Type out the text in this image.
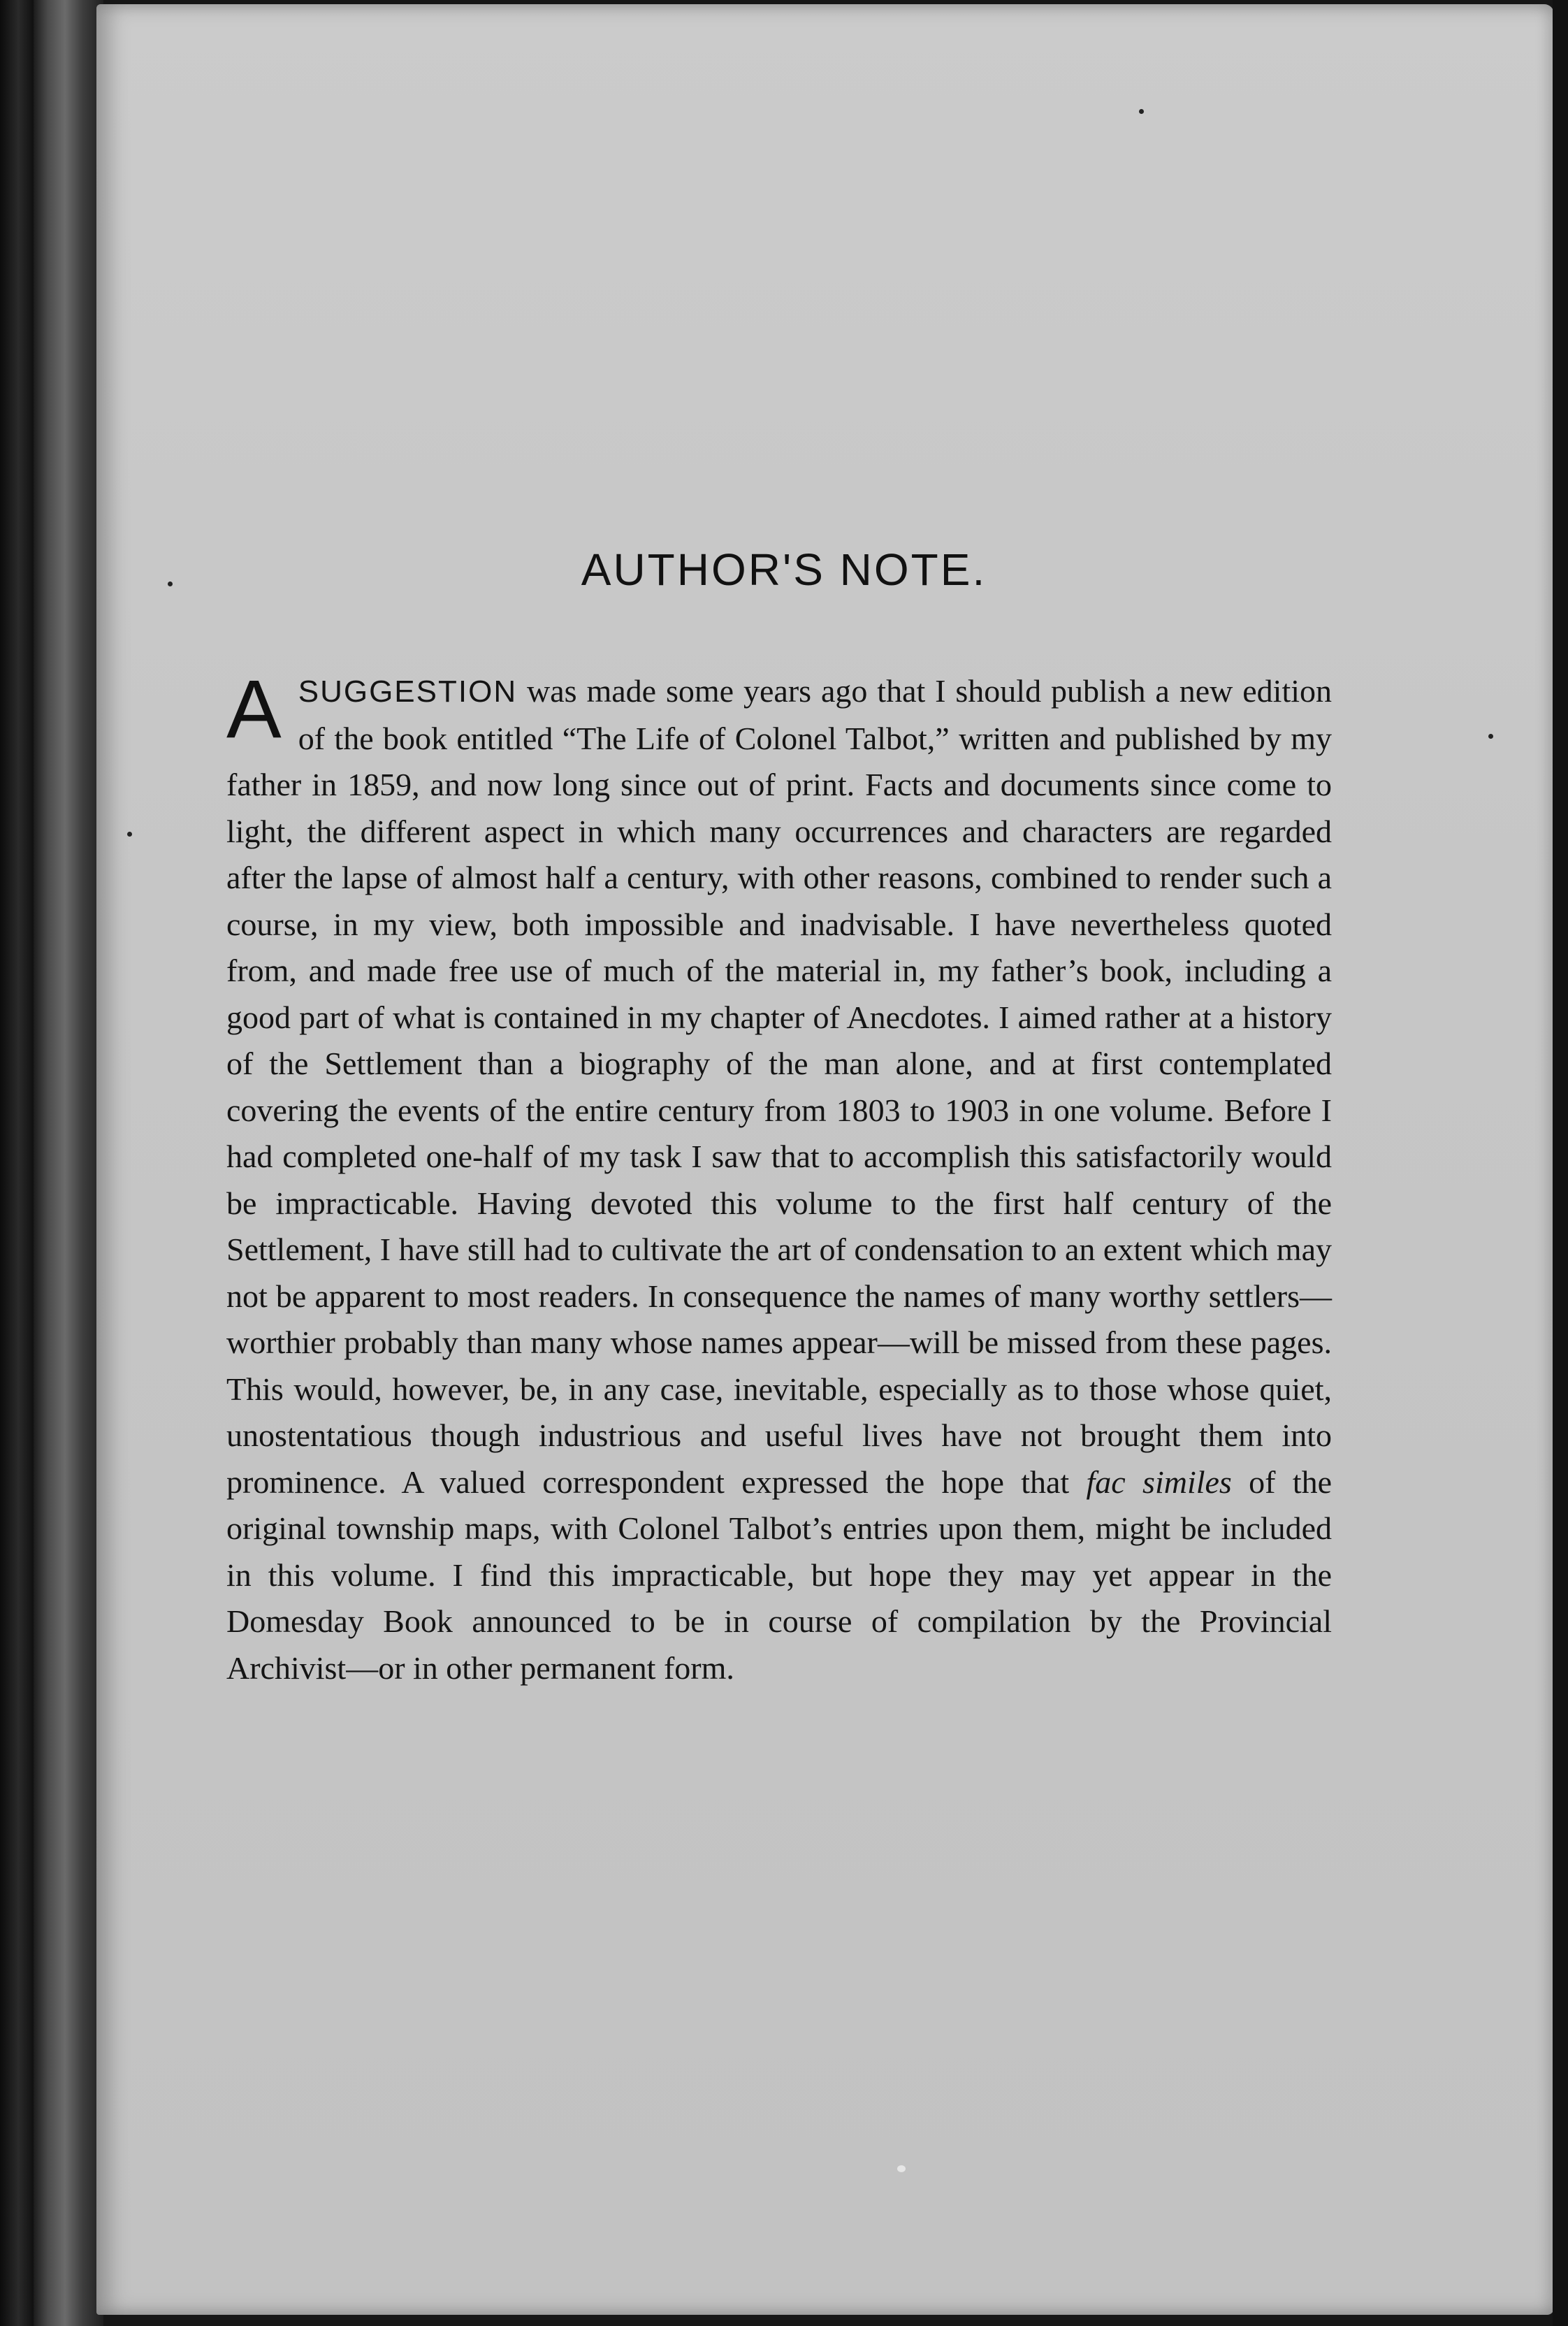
AUTHOR'S NOTE.

A SUGGESTION was made some years ago that I should publish a new edition of the book entitled “The Life of Colonel Talbot,” written and published by my father in 1859, and now long since out of print. Facts and documents since come to light, the different aspect in which many occurrences and characters are regarded after the lapse of almost half a century, with other reasons, combined to render such a course, in my view, both impossible and inadvisable. I have nevertheless quoted from, and made free use of much of the material in, my father’s book, including a good part of what is contained in my chapter of Anecdotes. I aimed rather at a history of the Settlement than a biography of the man alone, and at first contemplated covering the events of the entire century from 1803 to 1903 in one volume. Before I had completed one-half of my task I saw that to accomplish this satisfactorily would be impracticable. Having devoted this volume to the first half century of the Settlement, I have still had to cultivate the art of condensation to an extent which may not be apparent to most readers. In consequence the names of many worthy settlers—worthier probably than many whose names appear—will be missed from these pages. This would, however, be, in any case, inevitable, especially as to those whose quiet, unostentatious though industrious and useful lives have not brought them into prominence. A valued correspondent expressed the hope that fac similes of the original township maps, with Colonel Talbot’s entries upon them, might be included in this volume. I find this impracticable, but hope they may yet appear in the Domesday Book announced to be in course of compilation by the Provincial Archivist—or in other permanent form.
